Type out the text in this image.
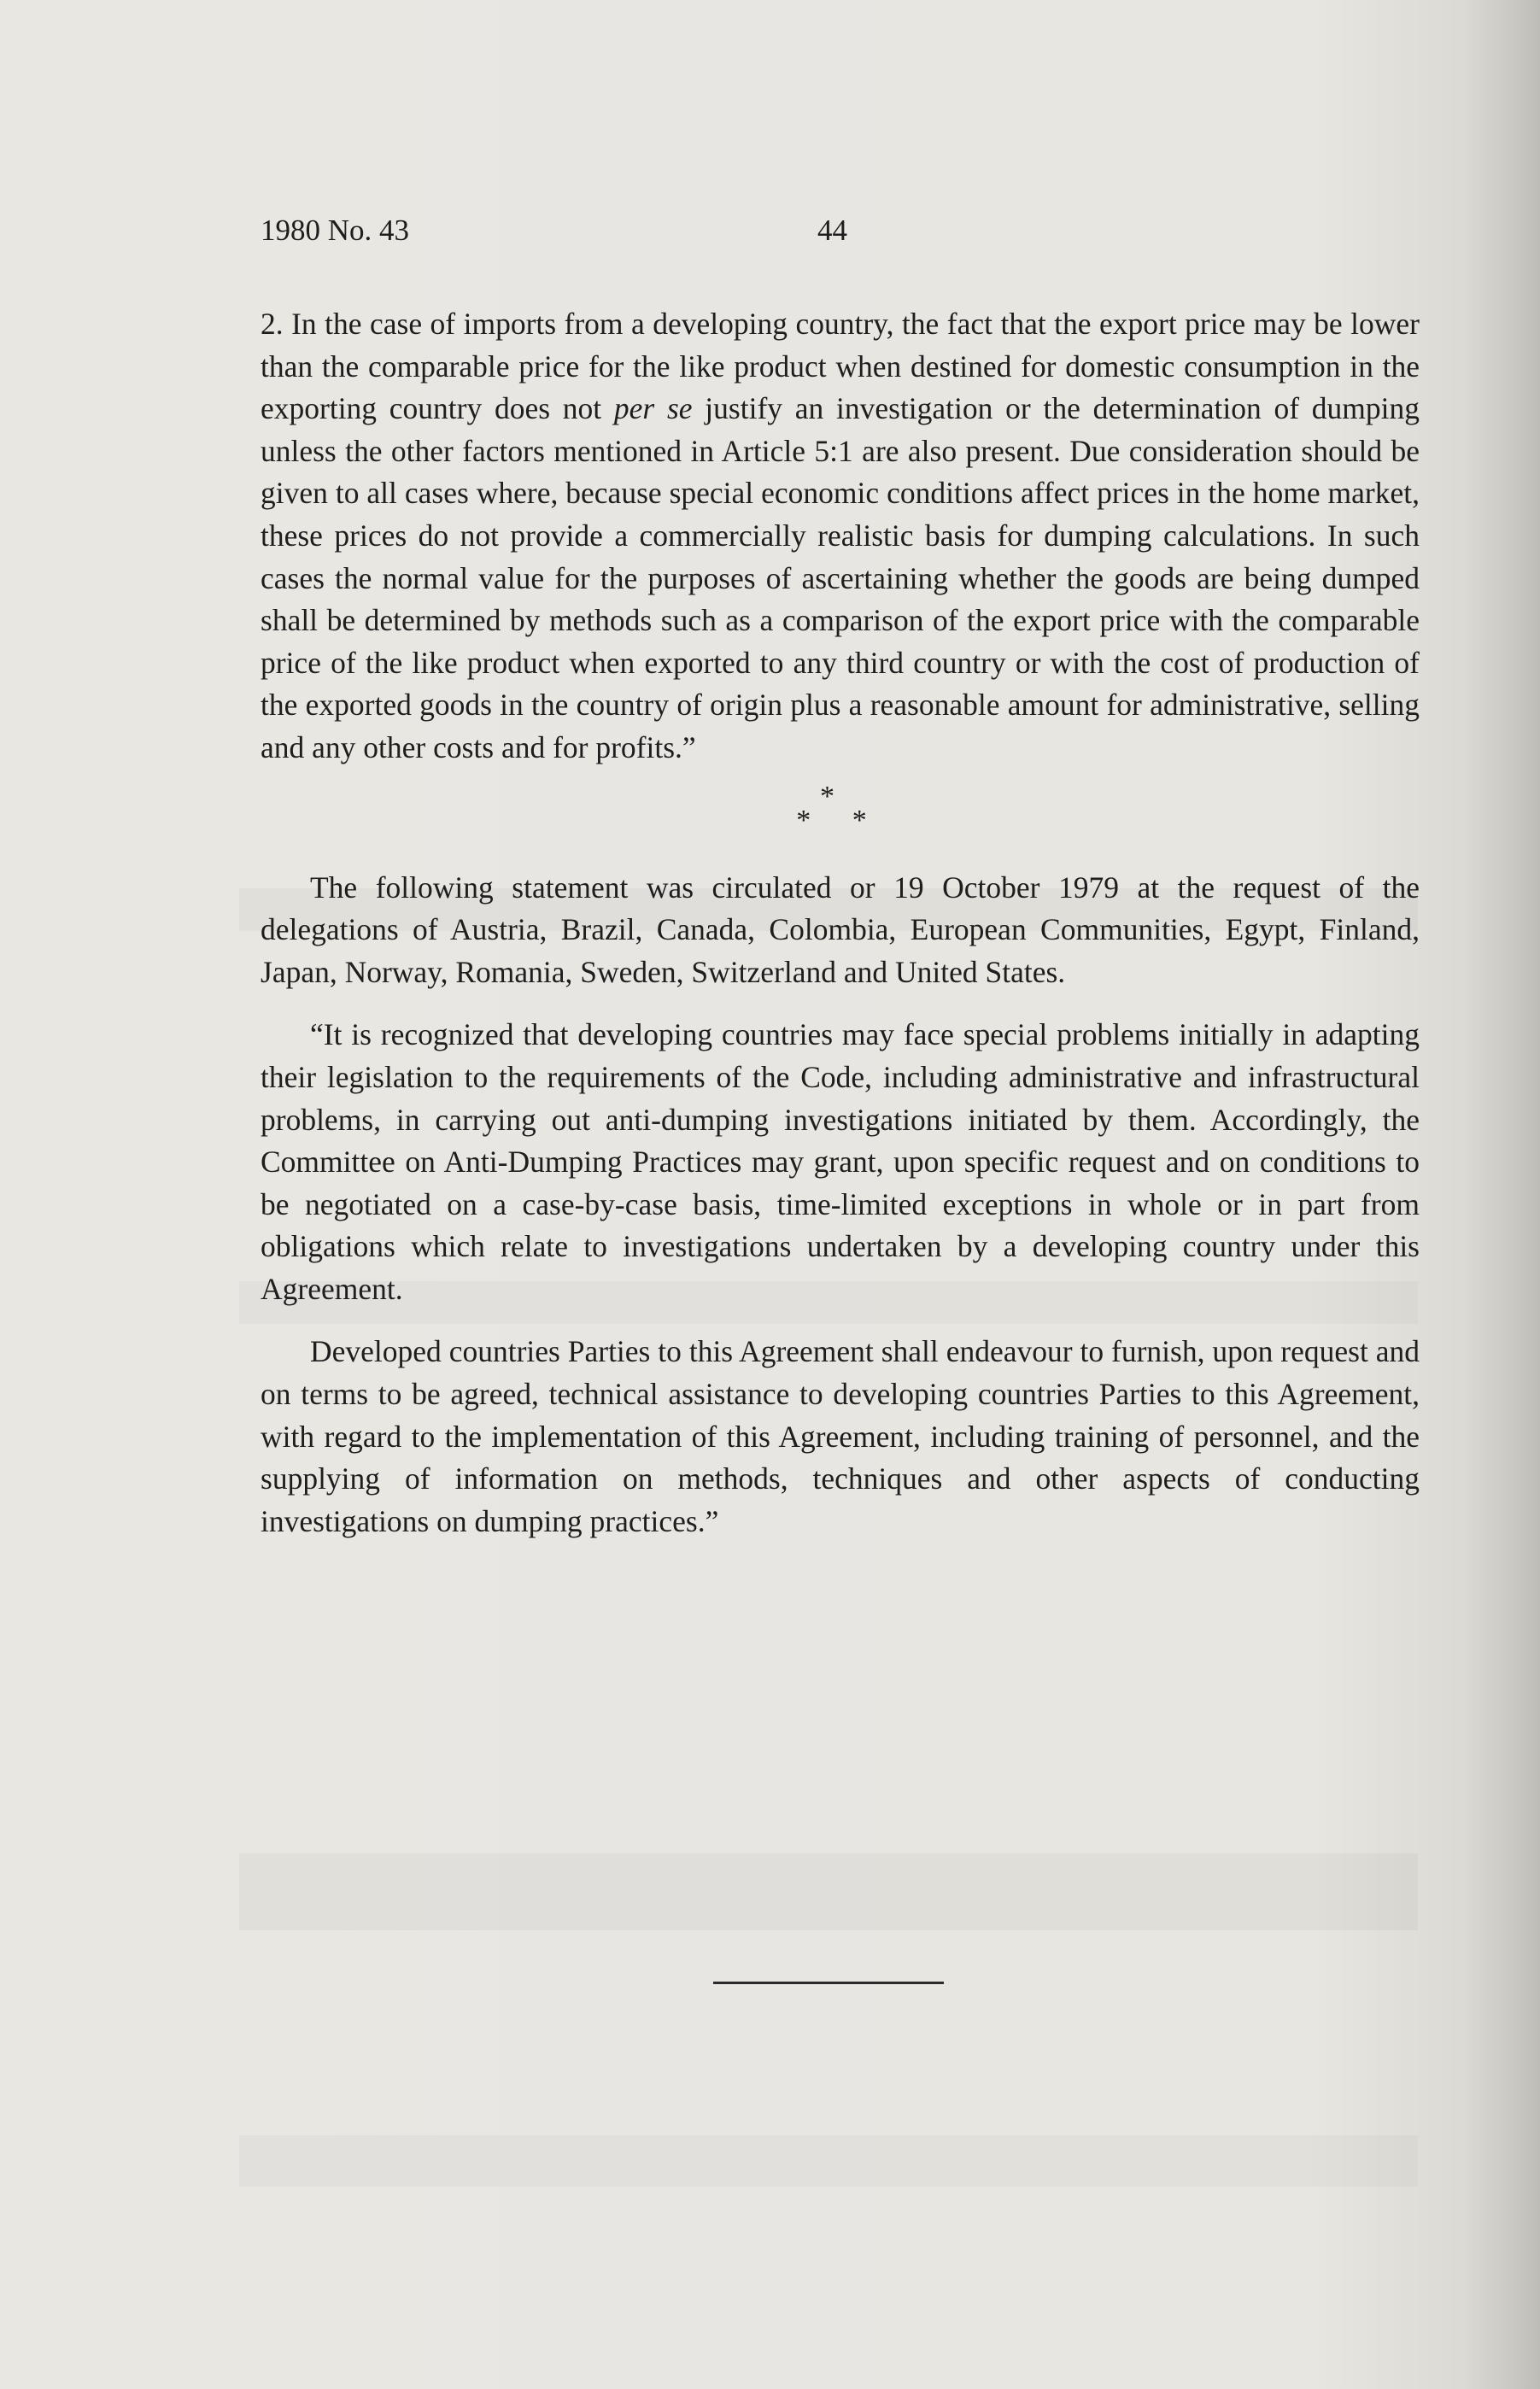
1980 No. 43	44

2. In the case of imports from a developing country, the fact that the export price may be lower than the comparable price for the like product when destined for domestic consumption in the exporting country does not per se justify an investigation or the determination of dumping unless the other factors mentioned in Article 5:1 are also present. Due consideration should be given to all cases where, because special economic conditions affect prices in the home market, these prices do not provide a commercially realistic basis for dumping calculations. In such cases the normal value for the purposes of ascertaining whether the goods are being dumped shall be determined by methods such as a comparison of the export price with the comparable price of the like product when exported to any third country or with the cost of production of the exported goods in the country of origin plus a reasonable amount for administrative, selling and any other costs and for profits.”

*
* *

The following statement was circulated or 19 October 1979 at the request of the delegations of Austria, Brazil, Canada, Colombia, European Communities, Egypt, Finland, Japan, Norway, Romania, Sweden, Switzerland and United States.

“It is recognized that developing countries may face special problems initially in adapting their legislation to the requirements of the Code, including administrative and infrastructural problems, in carrying out anti-dumping investigations initiated by them. Accordingly, the Committee on Anti-Dumping Practices may grant, upon specific request and on conditions to be negotiated on a case-by-case basis, time-limited exceptions in whole or in part from obligations which relate to investigations undertaken by a developing country under this Agreement.

Developed countries Parties to this Agreement shall endeavour to furnish, upon request and on terms to be agreed, technical assistance to developing countries Parties to this Agreement, with regard to the implementation of this Agreement, including training of personnel, and the supplying of information on methods, techniques and other aspects of conducting investigations on dumping practices.”
